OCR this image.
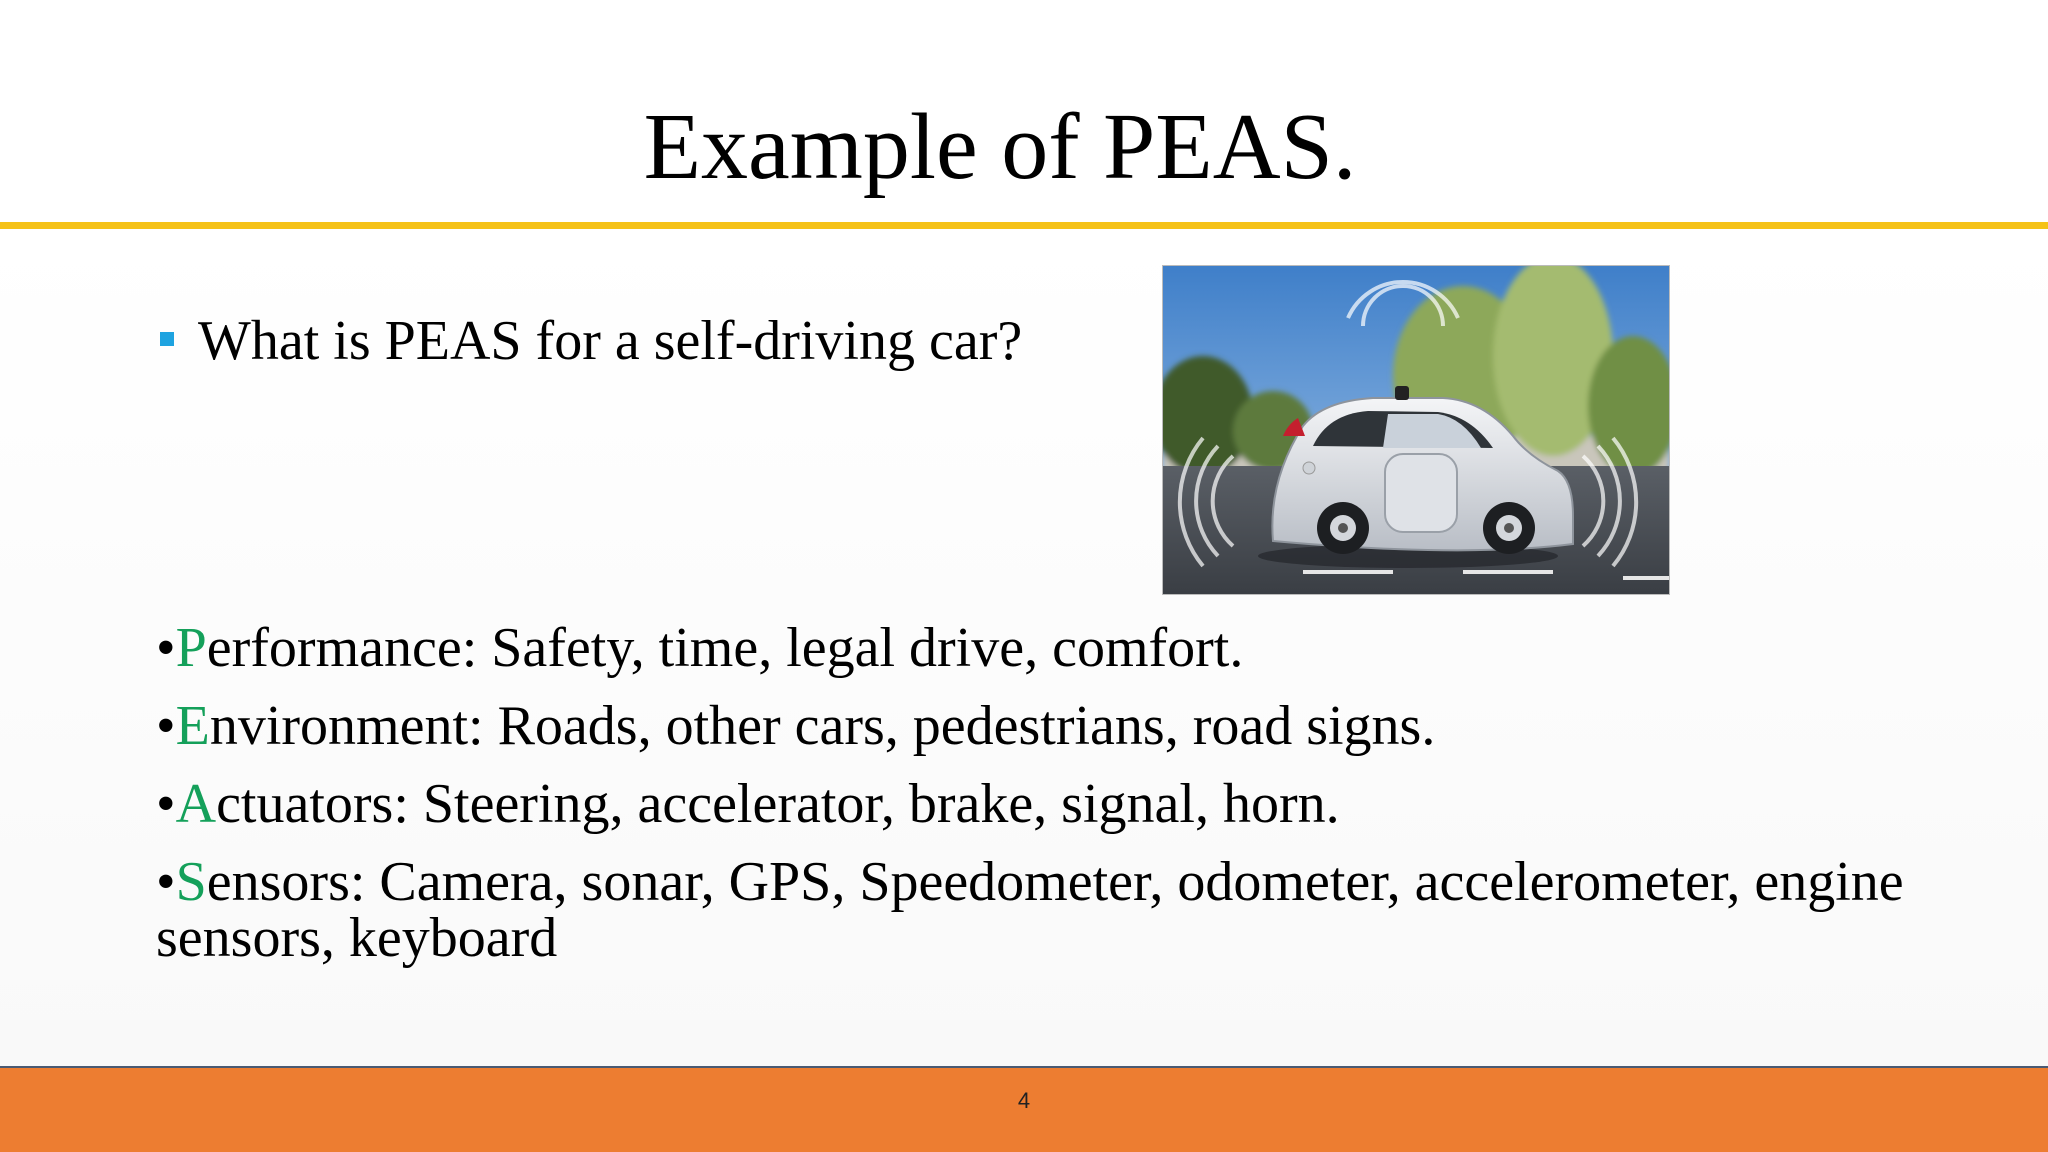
Example of PEAS.
What is PEAS for a self-driving car?
•Performance: Safety, time, legal drive, comfort.
•Environment: Roads, other cars, pedestrians, road signs.
•Actuators: Steering, accelerator, brake, signal, horn.
•Sensors: Camera, sonar, GPS, Speedometer, odometer, accelerometer, engine sensors, keyboard
4
